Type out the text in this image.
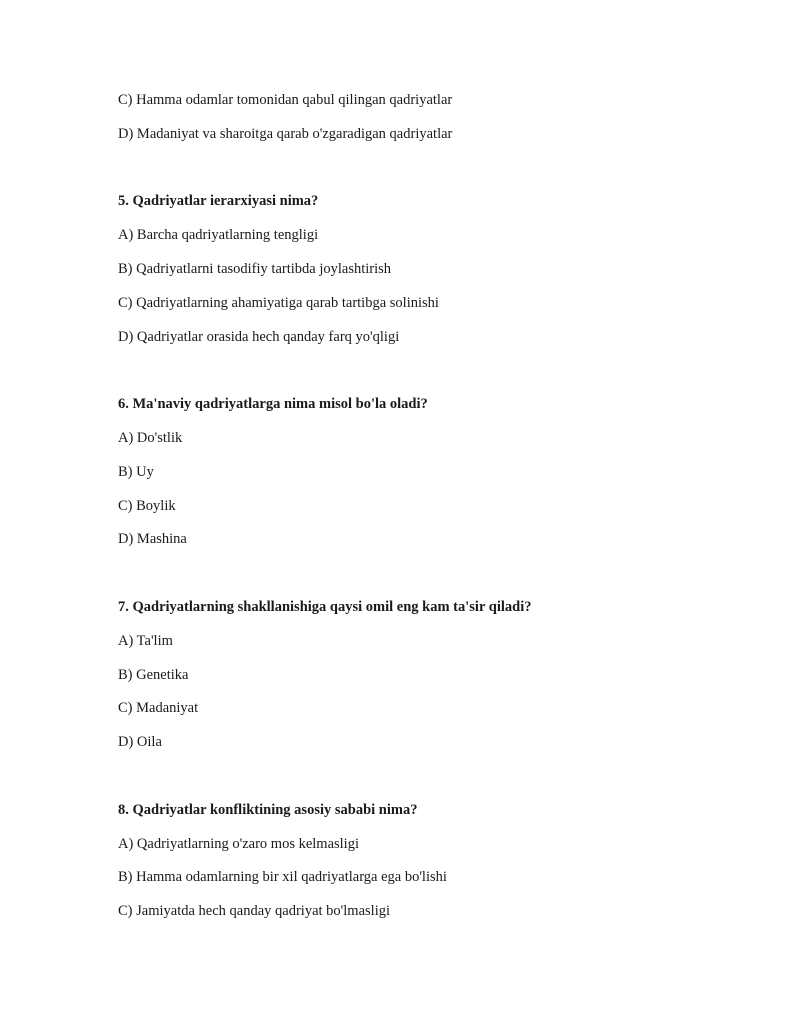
C) Hamma odamlar tomonidan qabul qilingan qadriyatlar
D) Madaniyat va sharoitga qarab o'zgaradigan qadriyatlar
5. Qadriyatlar ierarxiyasi nima?
A) Barcha qadriyatlarning tengligi
B) Qadriyatlarni tasodifiy tartibda joylashtirish
C) Qadriyatlarning ahamiyatiga qarab tartibga solinishi
D) Qadriyatlar orasida hech qanday farq yo'qligi
6. Ma'naviy qadriyatlarga nima misol bo'la oladi?
A) Do'stlik
B) Uy
C) Boylik
D) Mashina
7. Qadriyatlarning shakllanishiga qaysi omil eng kam ta'sir qiladi?
A) Ta'lim
B) Genetika
C) Madaniyat
D) Oila
8. Qadriyatlar konfliktining asosiy sababi nima?
A) Qadriyatlarning o'zaro mos kelmasligi
B) Hamma odamlarning bir xil qadriyatlarga ega bo'lishi
C) Jamiyatda hech qanday qadriyat bo'lmasligi
